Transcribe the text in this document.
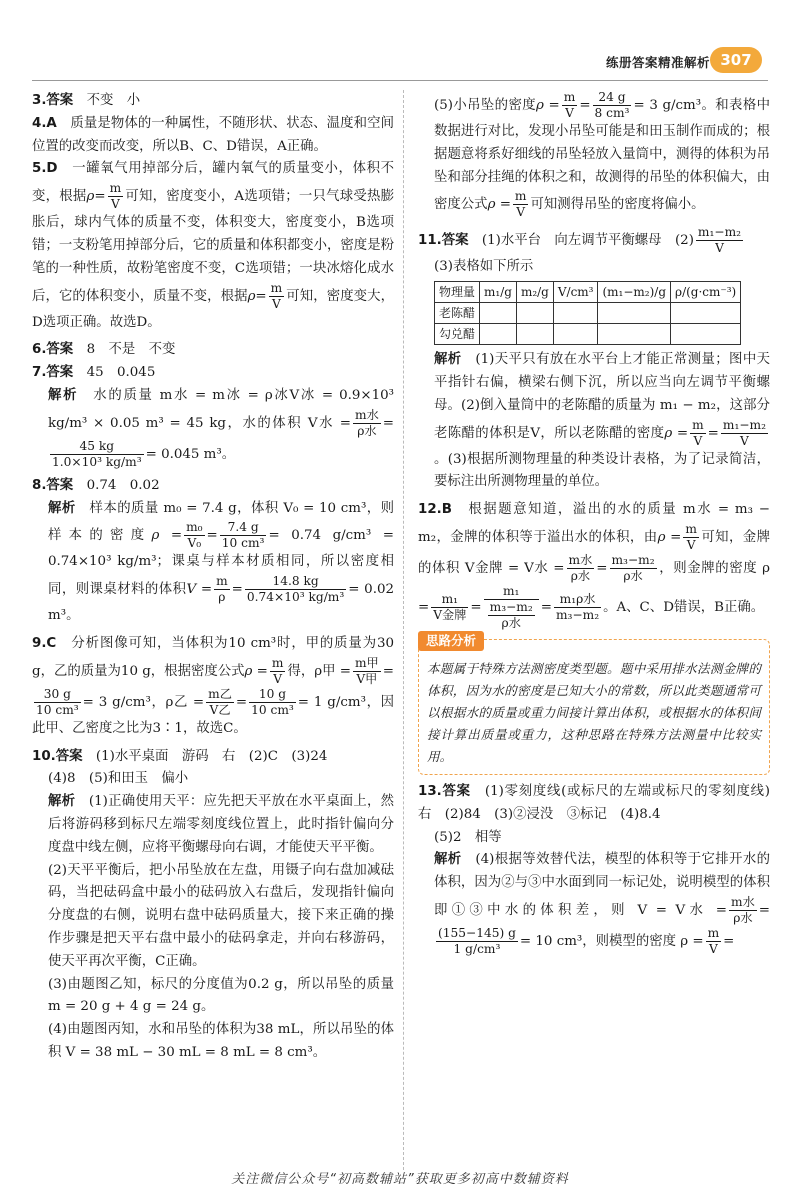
练册答案精准解析 307

3.答案　 不变　小

4.A　 质量是物体的一种属性，不随形状、状态、温度和空间位置的改变而改变，所以B、C、D错误，A正确。

5.D　 一罐氧气用掉部分后，罐内氧气的质量变小，体积不变，根据$\rho= \frac{m}{V}$ 可知，密度变小，A选项错；一只气球受热膨胀后，球内气体的质量不变，体积变大，密度变小，B选项错；一支粉笔用掉部分后，它的质量和体积都变小，密度是粉笔的一种性质，故粉笔密度不变，C选项错；一块冰熔化成水后，它的体积变小，质量不变，根据$\rho= \frac{m}{V}$ 可知，密度变大，D选项正确。故选D。

6.答案　 8　不是　不变

7.答案　 45　0.045

解析　 水的质量 m水 = m冰 = ρ冰V冰 = 0.9×10³ kg/m³ × 0.05 m³ = 45 kg，水的体积 V水 = $\frac{\text{m水}}{\text{ρ水}}$ =
$\frac{45 kg}{\text{1.0×10³ kg/m³}} = 0.045$ m³。

8.答案　 0.74　0.02

解析　 样本的质量 m₀ = 7.4 g，体积 V₀ = 10 cm³，则样本的密度$\rho = \frac{\text{m₀}}{\text{V₀}} = \frac{7.4 g}{\text{10 cm³}} = 0.74$ g/cm³ = 0.74×10³ kg/m³；课桌与样本材质相同，所以密度相同，则课桌材料的体积$V = \frac{m}{\rho} = \frac{14.8 kg}{\text{0.74×10³ kg/m³}} = 0.02$ m³。

9.C　 分析图像可知，当体积为10 cm³时，甲的质量为30 g，乙的质量为10 g，根据密度公式$\rho = \frac{m}{V}$ 得，ρ甲 = $\frac{\text{m甲}}{\text{V甲}}$ =
$\frac{30 g}{\text{10 cm³}} = 3$ g/cm³，ρ乙 = $\frac{\text{m乙}}{\text{V乙}} = \frac{10 g}{\text{10 cm³}} = 1$ g/cm³，因此甲、乙密度之比为3∶1，故选C。

10.答案　 (1)水平桌面　游码　右　(2)C　(3)24

(4)8　(5)和田玉　偏小

解析　 (1)正确使用天平：应先把天平放在水平桌面上，然后将游码移到标尺左端零刻度线位置上，此时指针偏向分度盘中线左侧，应将平衡螺母向右调，才能使天平平衡。

(2)天平平衡后，把小吊坠放在左盘，用镊子向右盘加减砝码，当把砝码盒中最小的砝码放入右盘后，发现指针偏向分度盘的右侧，说明右盘中砝码质量大，接下来正确的操作步骤是把天平右盘中最小的砝码拿走，并向右移游码，使天平再次平衡，C正确。

(3)由题图乙知，标尺的分度值为0.2 g，所以吊坠的质量 m = 20 g + 4 g = 24 g。

(4)由题图丙知，水和吊坠的体积为38 mL，所以吊坠的体积 V = 38 mL − 30 mL = 8 mL = 8 cm³。

(5)小吊坠的密度$\rho = \frac{m}{V} = \frac{24 g}{\text{8 cm³}} = 3$ g/cm³。和表格中数据进行对比，发现小吊坠可能是和田玉制作而成的；根据题意将系好细线的吊坠轻放入量筒中，测得的体积为吊坠和部分挂绳的体积之和，故测得的吊坠的体积偏大，由密度公式$\rho = \frac{m}{V}$ 可知测得吊坠的密度将偏小。

11.答案　 (1)水平台　向左调节平衡螺母　$(2) \frac{\text{m₁−m₂}}{V}$

(3)表格如下所示

物理量	m₁/g	m₂/g	V/cm³	(m₁−m₂)/g	ρ/(g·cm⁻³)
老陈醋					
勾兑醋					

解析　 (1)天平只有放在水平台上才能正常测量；图中天平指针右偏，横梁右侧下沉，所以应当向左调节平衡螺母。(2)倒入量筒中的老陈醋的质量为 m₁ − m₂，这部分老陈醋的体积是V，所以老陈醋的密度$\rho = \frac{m}{V} = \frac{\text{m₁−m₂}}{V}$
。(3)根据所测物理量的种类设计表格，为了记录简洁，要标注出所测物理量的单位。

12.B　 根据题意知道，溢出的水的质量 m水 = m₃ − m₂，金牌的体积等于溢出水的体积，由$\rho = \frac{m}{V}$ 可知，金牌的体积 V金牌 = V水 = $\frac{\text{m水}}{\text{ρ水}} = \frac{\text{m₃−m₂}}{\text{ρ水}}$ ，则金牌的密度 $\rho = \frac{\text{m₁}}{\text{V金牌}} = \frac{\text{m₁}}{\frac{\text{m₃−m₂}}{\text{ρ水}}} = \frac{\text{m₁ρ水}}{\text{m₃−m₂}}$ 。A、C、D错误，B正确。

思路分析
本题属于特殊方法测密度类型题。题中采用排水法测金牌的体积，因为水的密度是已知大小的常数，所以此类题通常可以根据水的质量或重力间接计算出体积，或根据水的体积间接计算出质量或重力，这种思路在特殊方法测量中比较实用。

13.答案　 (1)零刻度线(或标尺的左端或标尺的零刻度线)　右　(2)84　(3)②浸没　③标记　(4)8.4

(5)2　相等

解析　 (4)根据等效替代法，模型的体积等于它排开水的体积，因为②与③中水面到同一标记处，说明模型的体积即①③中水的体积差，则 V = V水 = $\frac{\text{m水}}{\text{ρ水}}$ =
$\frac{(155-145) g}{\text{1 g/cm³}} = 10$ cm³，则模型的密度 $\rho = \frac{m}{V}$ =

关注微信公众号“初高数辅站”获取更多初高中数辅资料
